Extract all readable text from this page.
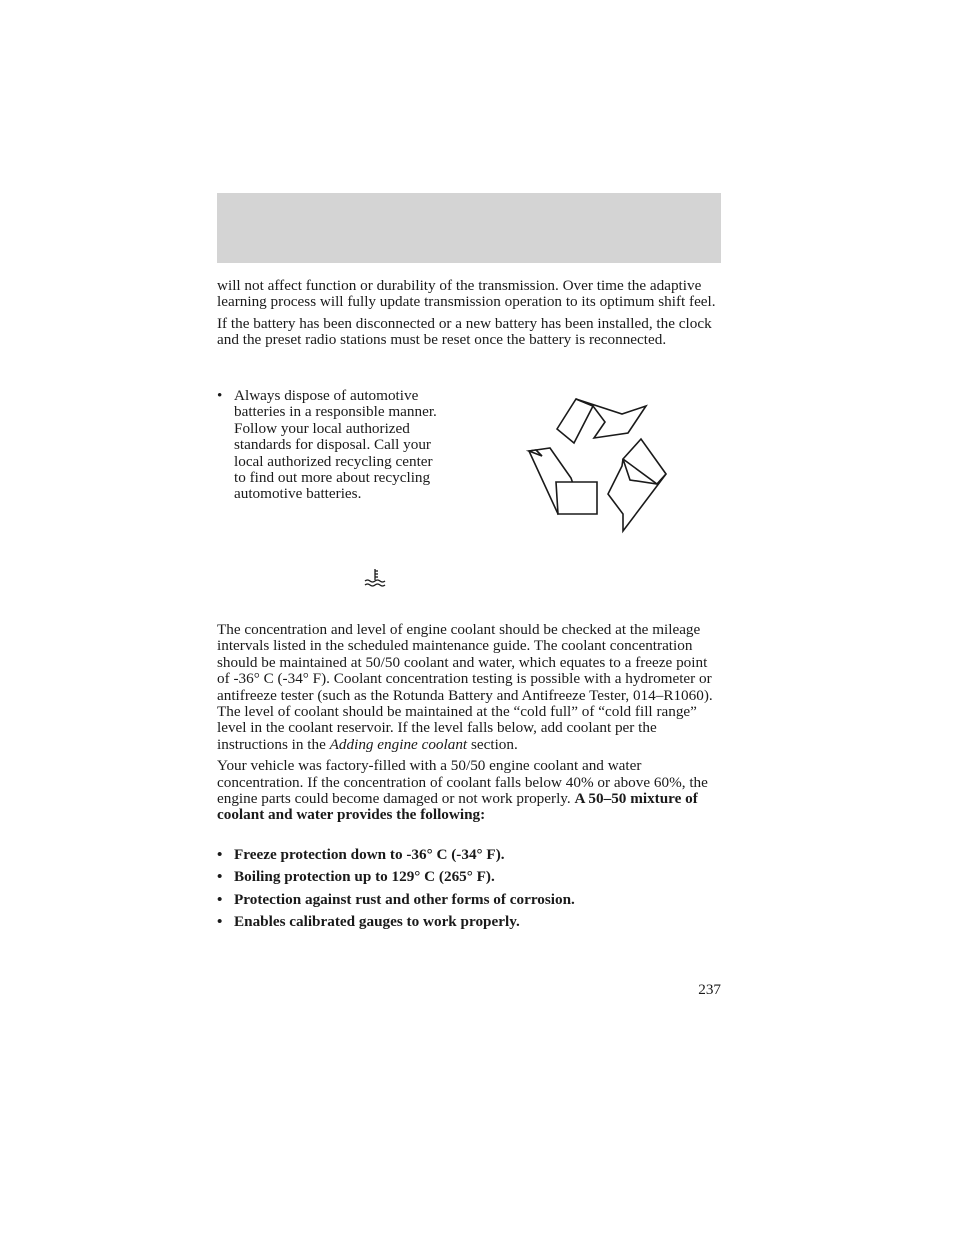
will not affect function or durability of the transmission. Over time the adaptive learning process will fully update transmission operation to its optimum shift feel.

If the battery has been disconnected or a new battery has been installed, the clock and the preset radio stations must be reset once the battery is reconnected.

• Always dispose of automotive
batteries in a responsible manner.
Follow your local authorized
standards for disposal. Call your
local authorized recycling center
to find out more about recycling
automotive batteries.

The concentration and level of engine coolant should be checked at the mileage intervals listed in the scheduled maintenance guide. The coolant concentration should be maintained at 50/50 coolant and water, which equates to a freeze point of -36° C (-34° F). Coolant concentration testing is possible with a hydrometer or antifreeze tester (such as the Rotunda Battery and Antifreeze Tester, 014–R1060). The level of coolant should be maintained at the “cold full” of “cold fill range” level in the coolant reservoir. If the level falls below, add coolant per the instructions in the Adding engine coolant section.

Your vehicle was factory-filled with a 50/50 engine coolant and water concentration. If the concentration of coolant falls below 40% or above 60%, the engine parts could become damaged or not work properly. A 50–50 mixture of coolant and water provides the following:

• Freeze protection down to -36° C (-34° F).
• Boiling protection up to 129° C (265° F).
• Protection against rust and other forms of corrosion.
• Enables calibrated gauges to work properly.
237
